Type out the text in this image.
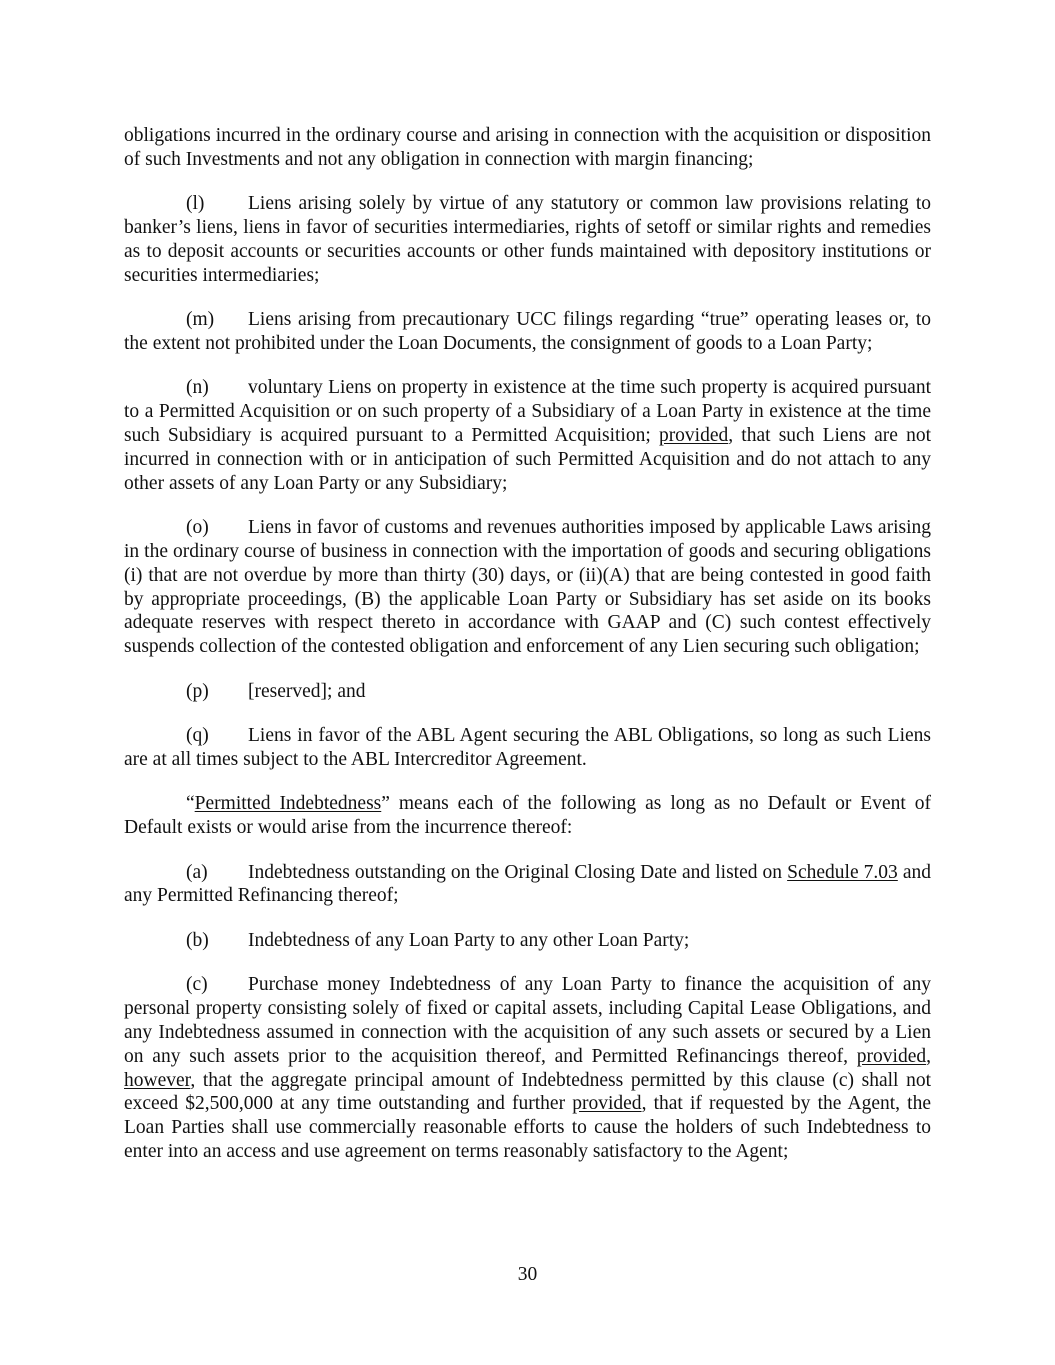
obligations incurred in the ordinary course and arising in connection with the acquisition or disposition of such Investments and not any obligation in connection with margin financing;

(l) Liens arising solely by virtue of any statutory or common law provisions relating to banker’s liens, liens in favor of securities intermediaries, rights of setoff or similar rights and remedies as to deposit accounts or securities accounts or other funds maintained with depository institutions or securities intermediaries;

(m) Liens arising from precautionary UCC filings regarding “true” operating leases or, to the extent not prohibited under the Loan Documents, the consignment of goods to a Loan Party;

(n) voluntary Liens on property in existence at the time such property is acquired pursuant to a Permitted Acquisition or on such property of a Subsidiary of a Loan Party in existence at the time such Subsidiary is acquired pursuant to a Permitted Acquisition; provided, that such Liens are not incurred in connection with or in anticipation of such Permitted Acquisition and do not attach to any other assets of any Loan Party or any Subsidiary;

(o) Liens in favor of customs and revenues authorities imposed by applicable Laws arising in the ordinary course of business in connection with the importation of goods and securing obligations (i) that are not overdue by more than thirty (30) days, or (ii)(A) that are being contested in good faith by appropriate proceedings, (B) the applicable Loan Party or Subsidiary has set aside on its books adequate reserves with respect thereto in accordance with GAAP and (C) such contest effectively suspends collection of the contested obligation and enforcement of any Lien securing such obligation;

(p) [reserved]; and

(q) Liens in favor of the ABL Agent securing the ABL Obligations, so long as such Liens are at all times subject to the ABL Intercreditor Agreement.

“Permitted Indebtedness” means each of the following as long as no Default or Event of Default exists or would arise from the incurrence thereof:

(a) Indebtedness outstanding on the Original Closing Date and listed on Schedule 7.03 and any Permitted Refinancing thereof;

(b) Indebtedness of any Loan Party to any other Loan Party;

(c) Purchase money Indebtedness of any Loan Party to finance the acquisition of any personal property consisting solely of fixed or capital assets, including Capital Lease Obligations, and any Indebtedness assumed in connection with the acquisition of any such assets or secured by a Lien on any such assets prior to the acquisition thereof, and Permitted Refinancings thereof, provided, however, that the aggregate principal amount of Indebtedness permitted by this clause (c) shall not exceed $2,500,000 at any time outstanding and further provided, that if requested by the Agent, the Loan Parties shall use commercially reasonable efforts to cause the holders of such Indebtedness to enter into an access and use agreement on terms reasonably satisfactory to the Agent;

30
